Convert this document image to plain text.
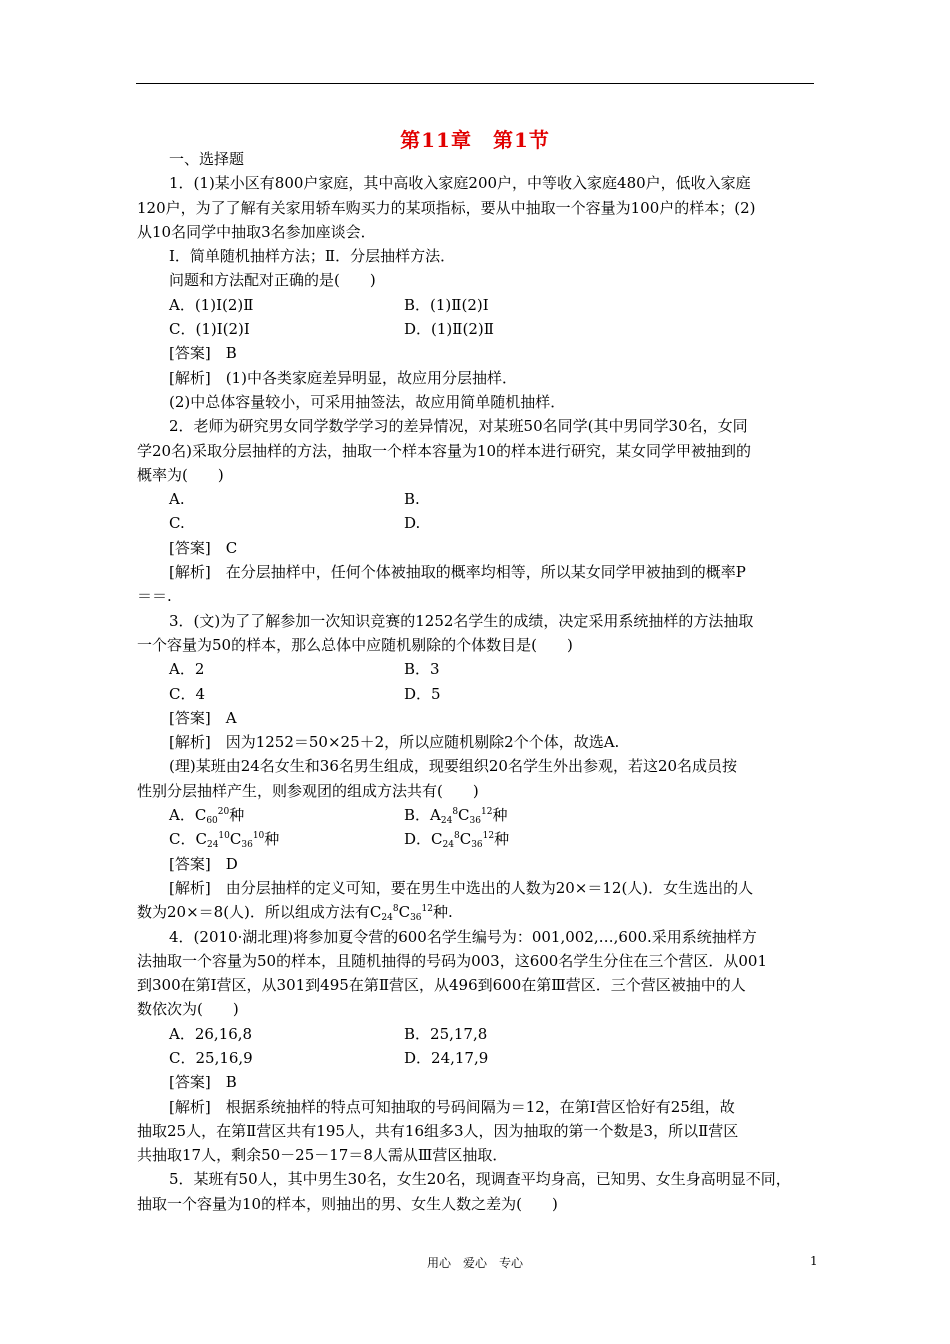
第11章　第1节

一、选择题

1．(1)某小区有800户家庭，其中高收入家庭200户，中等收入家庭480户，低收入家庭

120户，为了了解有关家用轿车购买力的某项指标，要从中抽取一个容量为100户的样本；(2)

从10名同学中抽取3名参加座谈会．

Ⅰ．简单随机抽样方法；Ⅱ．分层抽样方法．

问题和方法配对正确的是(　　)

A．(1)Ⅰ(2)Ⅱ	B．(1)Ⅱ(2)Ⅰ
C．(1)Ⅰ(2)Ⅰ	D．(1)Ⅱ(2)Ⅱ

[答案]　B

[解析]　(1)中各类家庭差异明显，故应用分层抽样．

(2)中总体容量较小，可采用抽签法，故应用简单随机抽样．

2．老师为研究男女同学数学学习的差异情况，对某班50名同学(其中男同学30名，女同

学20名)采取分层抽样的方法，抽取一个样本容量为10的样本进行研究，某女同学甲被抽到的

概率为(　　)

A.	B.
C.	D.

[答案]　C

[解析]　在分层抽样中，任何个体被抽取的概率均相等，所以某女同学甲被抽到的概率P

＝＝.

3．(文)为了了解参加一次知识竞赛的1252名学生的成绩，决定采用系统抽样的方法抽取

一个容量为50的样本，那么总体中应随机剔除的个体数目是(　　)

A．2	B．3
C．4	D．5

[答案]　A

[解析]　因为1252＝50×25＋2，所以应随机剔除2个个体，故选A.

(理)某班由24名女生和36名男生组成，现要组织20名学生外出参观，若这20名成员按

性别分层抽样产生，则参观团的组成方法共有(　　)

A．$C_{60}^{20}$种	B．$A_{24}^8C_{36}^{12}$种
C．$C_{24}^{10}C_{36}^{10}$种	D．$C_{24}^8C_{36}^{12}$种

[答案]　D

[解析]　由分层抽样的定义可知，要在男生中选出的人数为20×＝12(人)．女生选出的人

数为20×＝8(人)．所以组成方法有$C_{24}^8C_{36}^{12}$种.

4．(2010·湖北理)将参加夏令营的600名学生编号为：001,002,…,600.采用系统抽样方

法抽取一个容量为50的样本，且随机抽得的号码为003，这600名学生分住在三个营区．从001

到300在第Ⅰ营区，从301到495在第Ⅱ营区，从496到600在第Ⅲ营区．三个营区被抽中的人

数依次为(　　)

A．26,16,8	B．25,17,8
C．25,16,9	D．24,17,9

[答案]　B

[解析]　根据系统抽样的特点可知抽取的号码间隔为＝12，在第Ⅰ营区恰好有25组，故

抽取25人，在第Ⅱ营区共有195人，共有16组多3人，因为抽取的第一个数是3，所以Ⅱ营区

共抽取17人，剩余50－25－17＝8人需从Ⅲ营区抽取．

5．某班有50人，其中男生30名，女生20名，现调查平均身高，已知男、女生身高明显不同，

抽取一个容量为10的样本，则抽出的男、女生人数之差为(　　)

用心　爱心　专心	1
